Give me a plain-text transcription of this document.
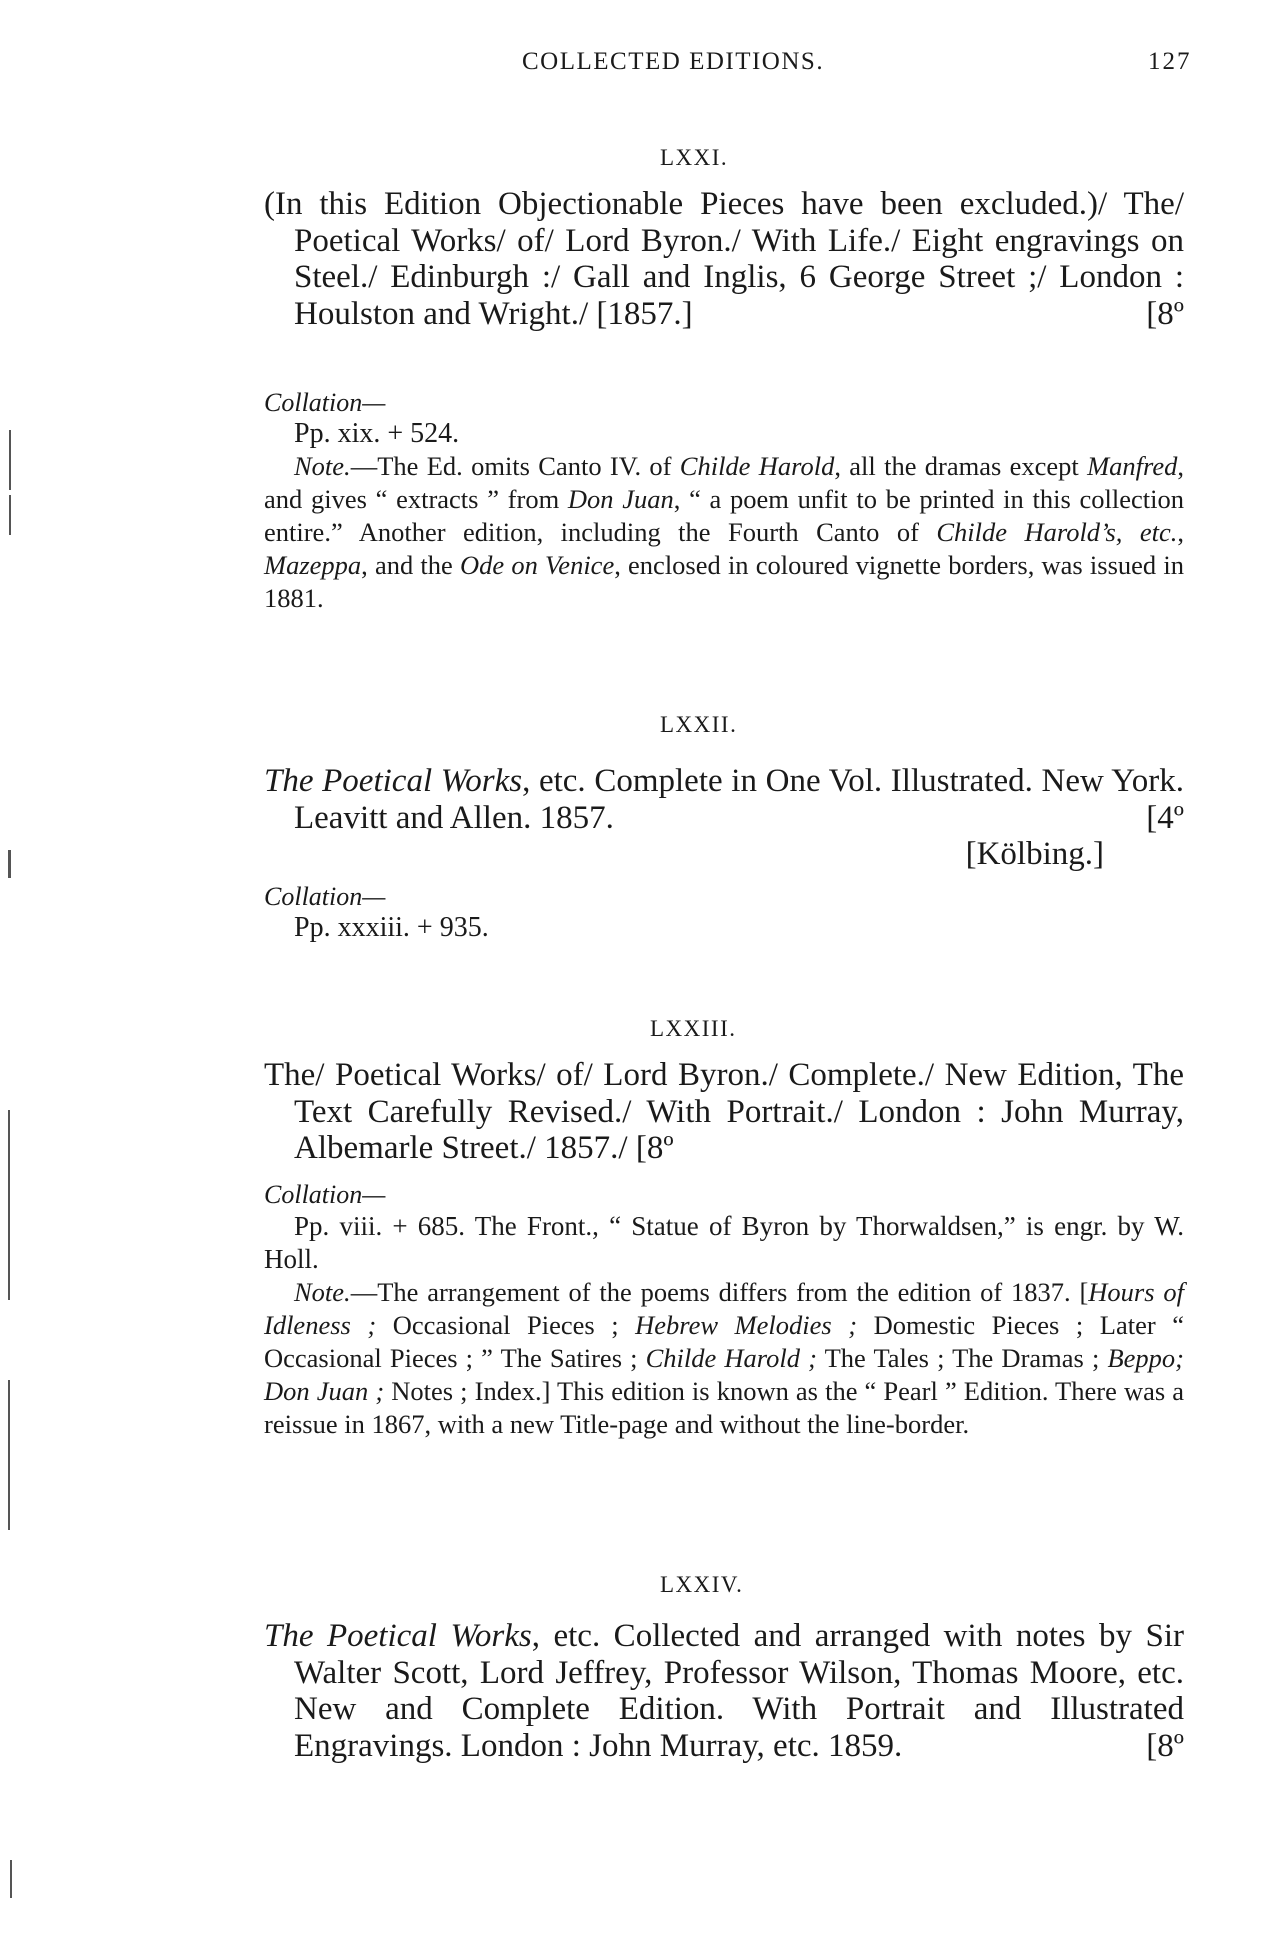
COLLECTED EDITIONS.	127
LXXI.

(In this Edition Objectionable Pieces have been excluded.)/ The/ Poetical Works/ of/ Lord Byron./ With Life./ Eight engravings on Steel./ Edinburgh :/ Gall and Inglis, 6 George Street ;/ London : Houlston and Wright./ [1857.]	[8º

Collation—

Pp. xix. + 524.

Note.—The Ed. omits Canto IV. of Childe Harold, all the dramas except Manfred, and gives “ extracts ” from Don Juan, “ a poem unfit to be printed in this collection entire.” Another edition, including the Fourth Canto of Childe Harold’s, etc., Mazeppa, and the Ode on Venice, enclosed in coloured vignette borders, was issued in 1881.

LXXII.

The Poetical Works, etc. Complete in One Vol. Illustrated. New York. Leavitt and Allen. 1857.	[4º

[Kölbing.]

Collation—

Pp. xxxiii. + 935.

LXXIII.

The/ Poetical Works/ of/ Lord Byron./ Complete./ New Edition, The Text Carefully Revised./ With Portrait./ London : John Murray, Albemarle Street./ 1857./ [8º

Collation—

Pp. viii. + 685. The Front., “ Statue of Byron by Thorwaldsen,” is engr. by W. Holl.

Note.—The arrangement of the poems differs from the edition of 1837. [Hours of Idleness ; Occasional Pieces ; Hebrew Melodies ; Domestic Pieces ; Later “ Occasional Pieces ; ” The Satires ; Childe Harold ; The Tales ; The Dramas ; Beppo; Don Juan ; Notes ; Index.] This edition is known as the “ Pearl ” Edition. There was a reissue in 1867, with a new Title-page and without the line-border.

LXXIV.

The Poetical Works, etc. Collected and arranged with notes by Sir Walter Scott, Lord Jeffrey, Professor Wilson, Thomas Moore, etc. New and Complete Edition. With Portrait and Illustrated Engravings. London : John Murray, etc. 1859.	[8º
